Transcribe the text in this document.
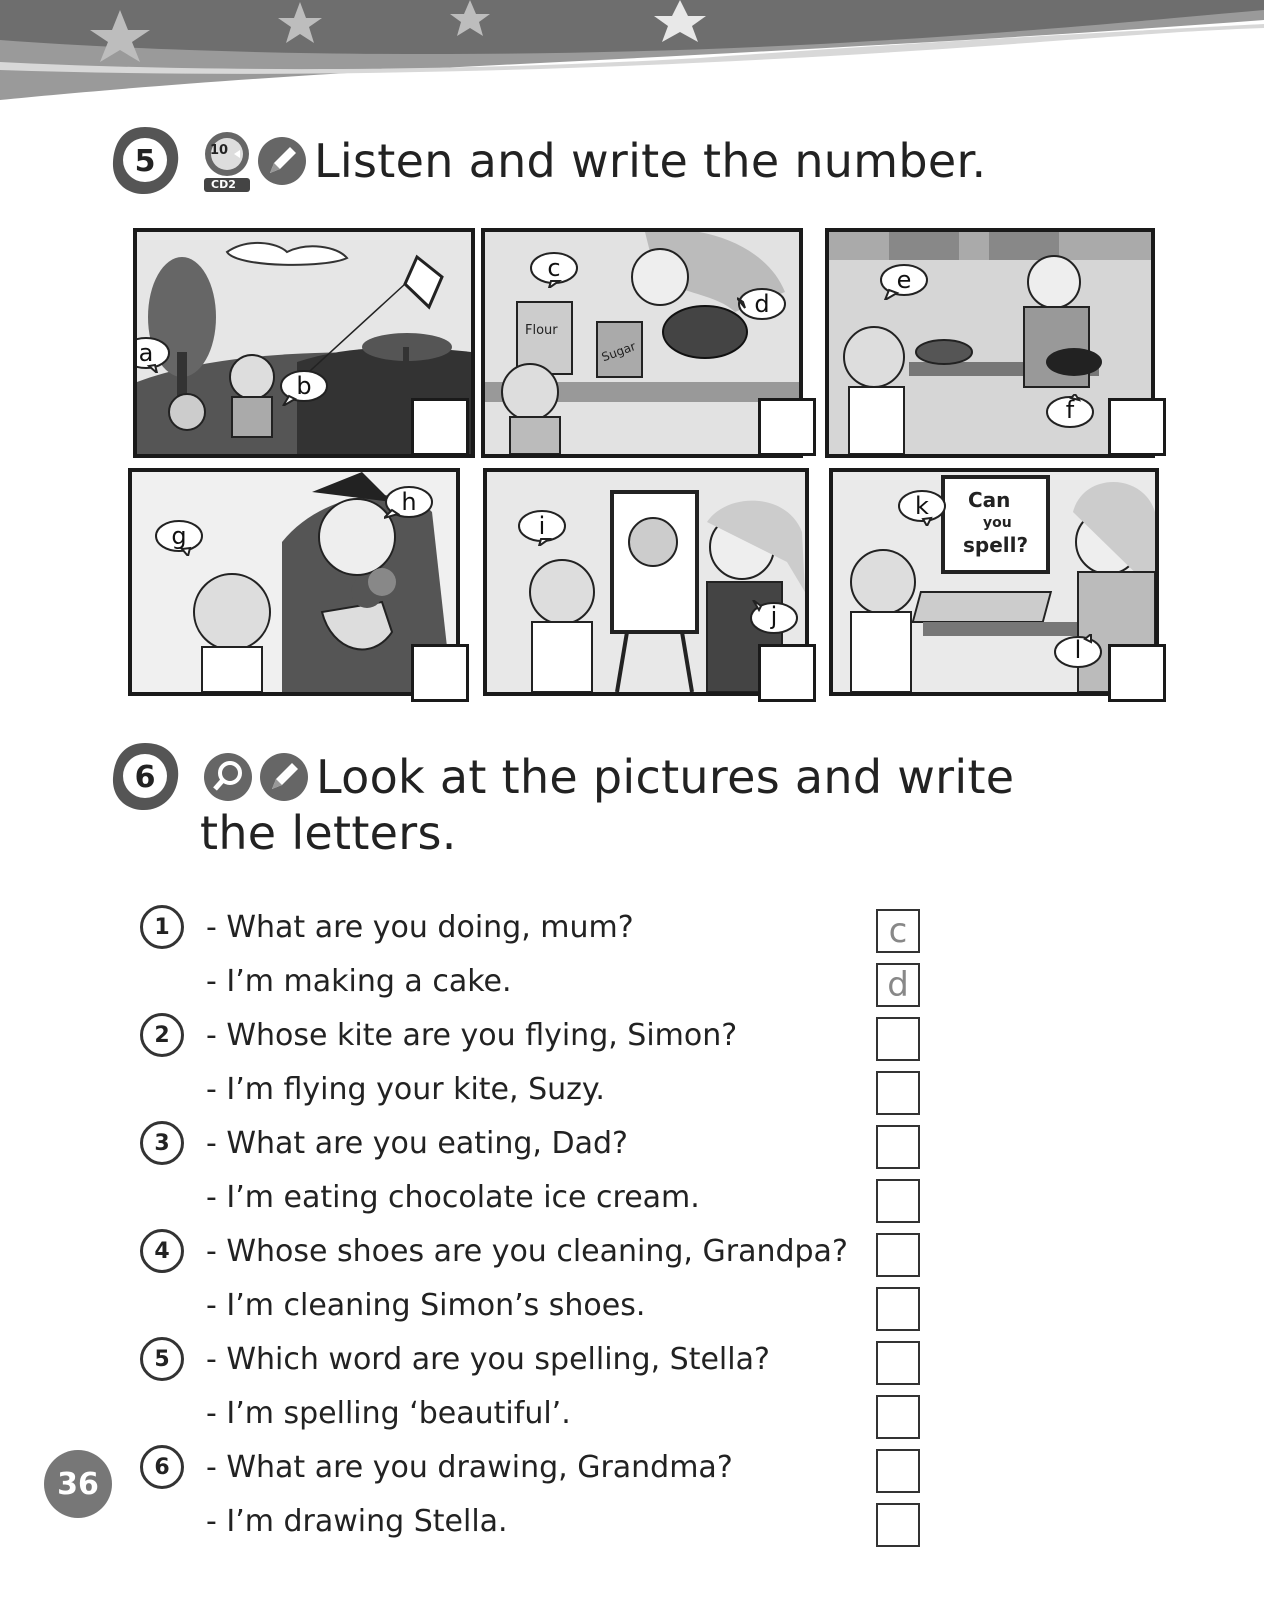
5	10
CD2 Listen and write the number.
a
b
Flour
Sugar
c
d
e
f
g
h
i
j
Can
you
spell?
k
l
6	Look at the pictures and write
the letters.
1	- What are you doing, mum?	c
- I’m making a cake.	d
2	- Whose kite are you flying, Simon?
- I’m flying your kite, Suzy.
3	- What are you eating, Dad?
- I’m eating chocolate ice cream.
4	- Whose shoes are you cleaning, Grandpa?
- I’m cleaning Simon’s shoes.
5	- Which word are you spelling, Stella?
- I’m spelling ‘beautiful’.
6	- What are you drawing, Grandma?
- I’m drawing Stella.
36
